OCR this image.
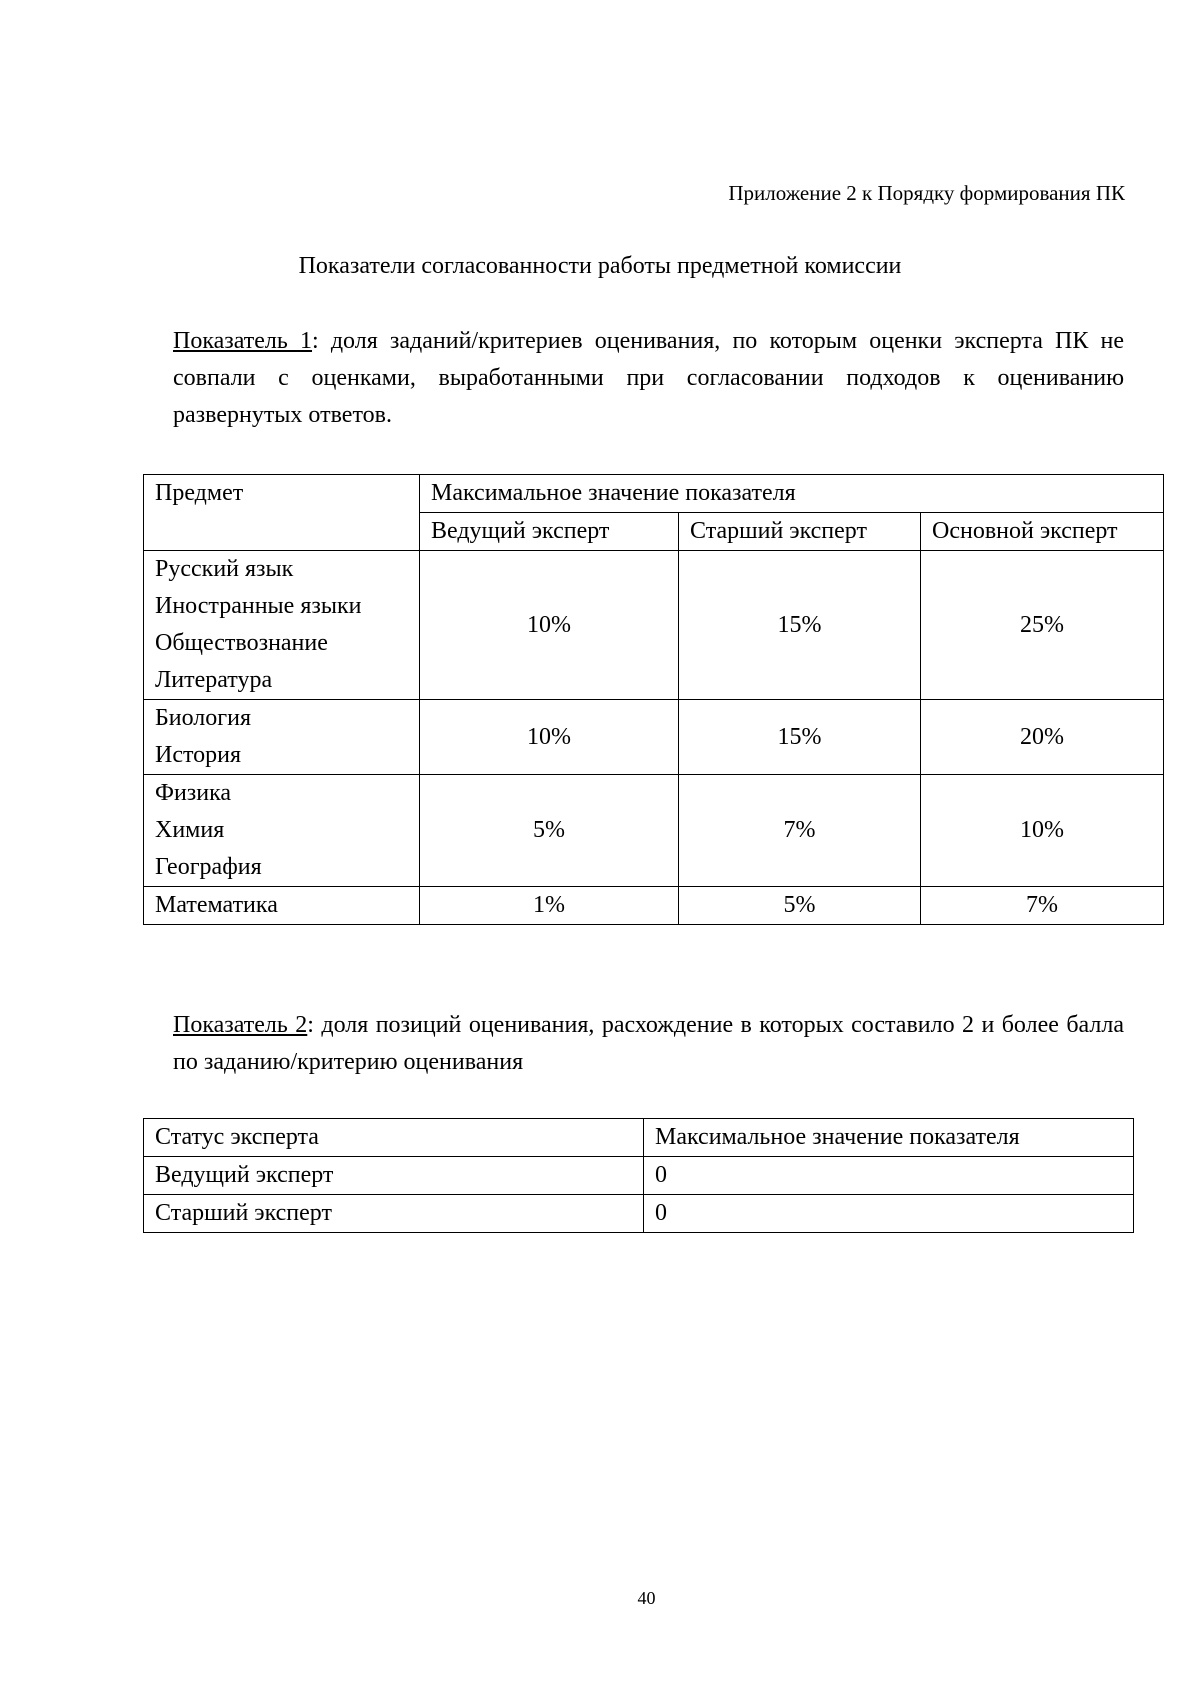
Приложение 2 к Порядку формирования ПК
Показатели согласованности работы предметной комиссии

Показатель 1: доля заданий/критериев оценивания, по которым оценки эксперта ПК не совпали с оценками, выработанными при согласовании подходов к оцениванию развернутых ответов.

Предмет	Максимальное значение показателя		
	Ведущий эксперт	Старший эксперт	Основной эксперт

Русский язык
Иностранные языки
Обществознание
Литература	10%	15%	25%

Биология
История	10%	15%	20%

Физика
Химия
География	5%	7%	10%

Математика	1%	5%	7%

Показатель 2: доля позиций оценивания, расхождение в которых составило 2 и более балла по заданию/критерию оценивания

Статус эксперта	Максимальное значение показателя
Ведущий эксперт	0
Старший эксперт	0
40
